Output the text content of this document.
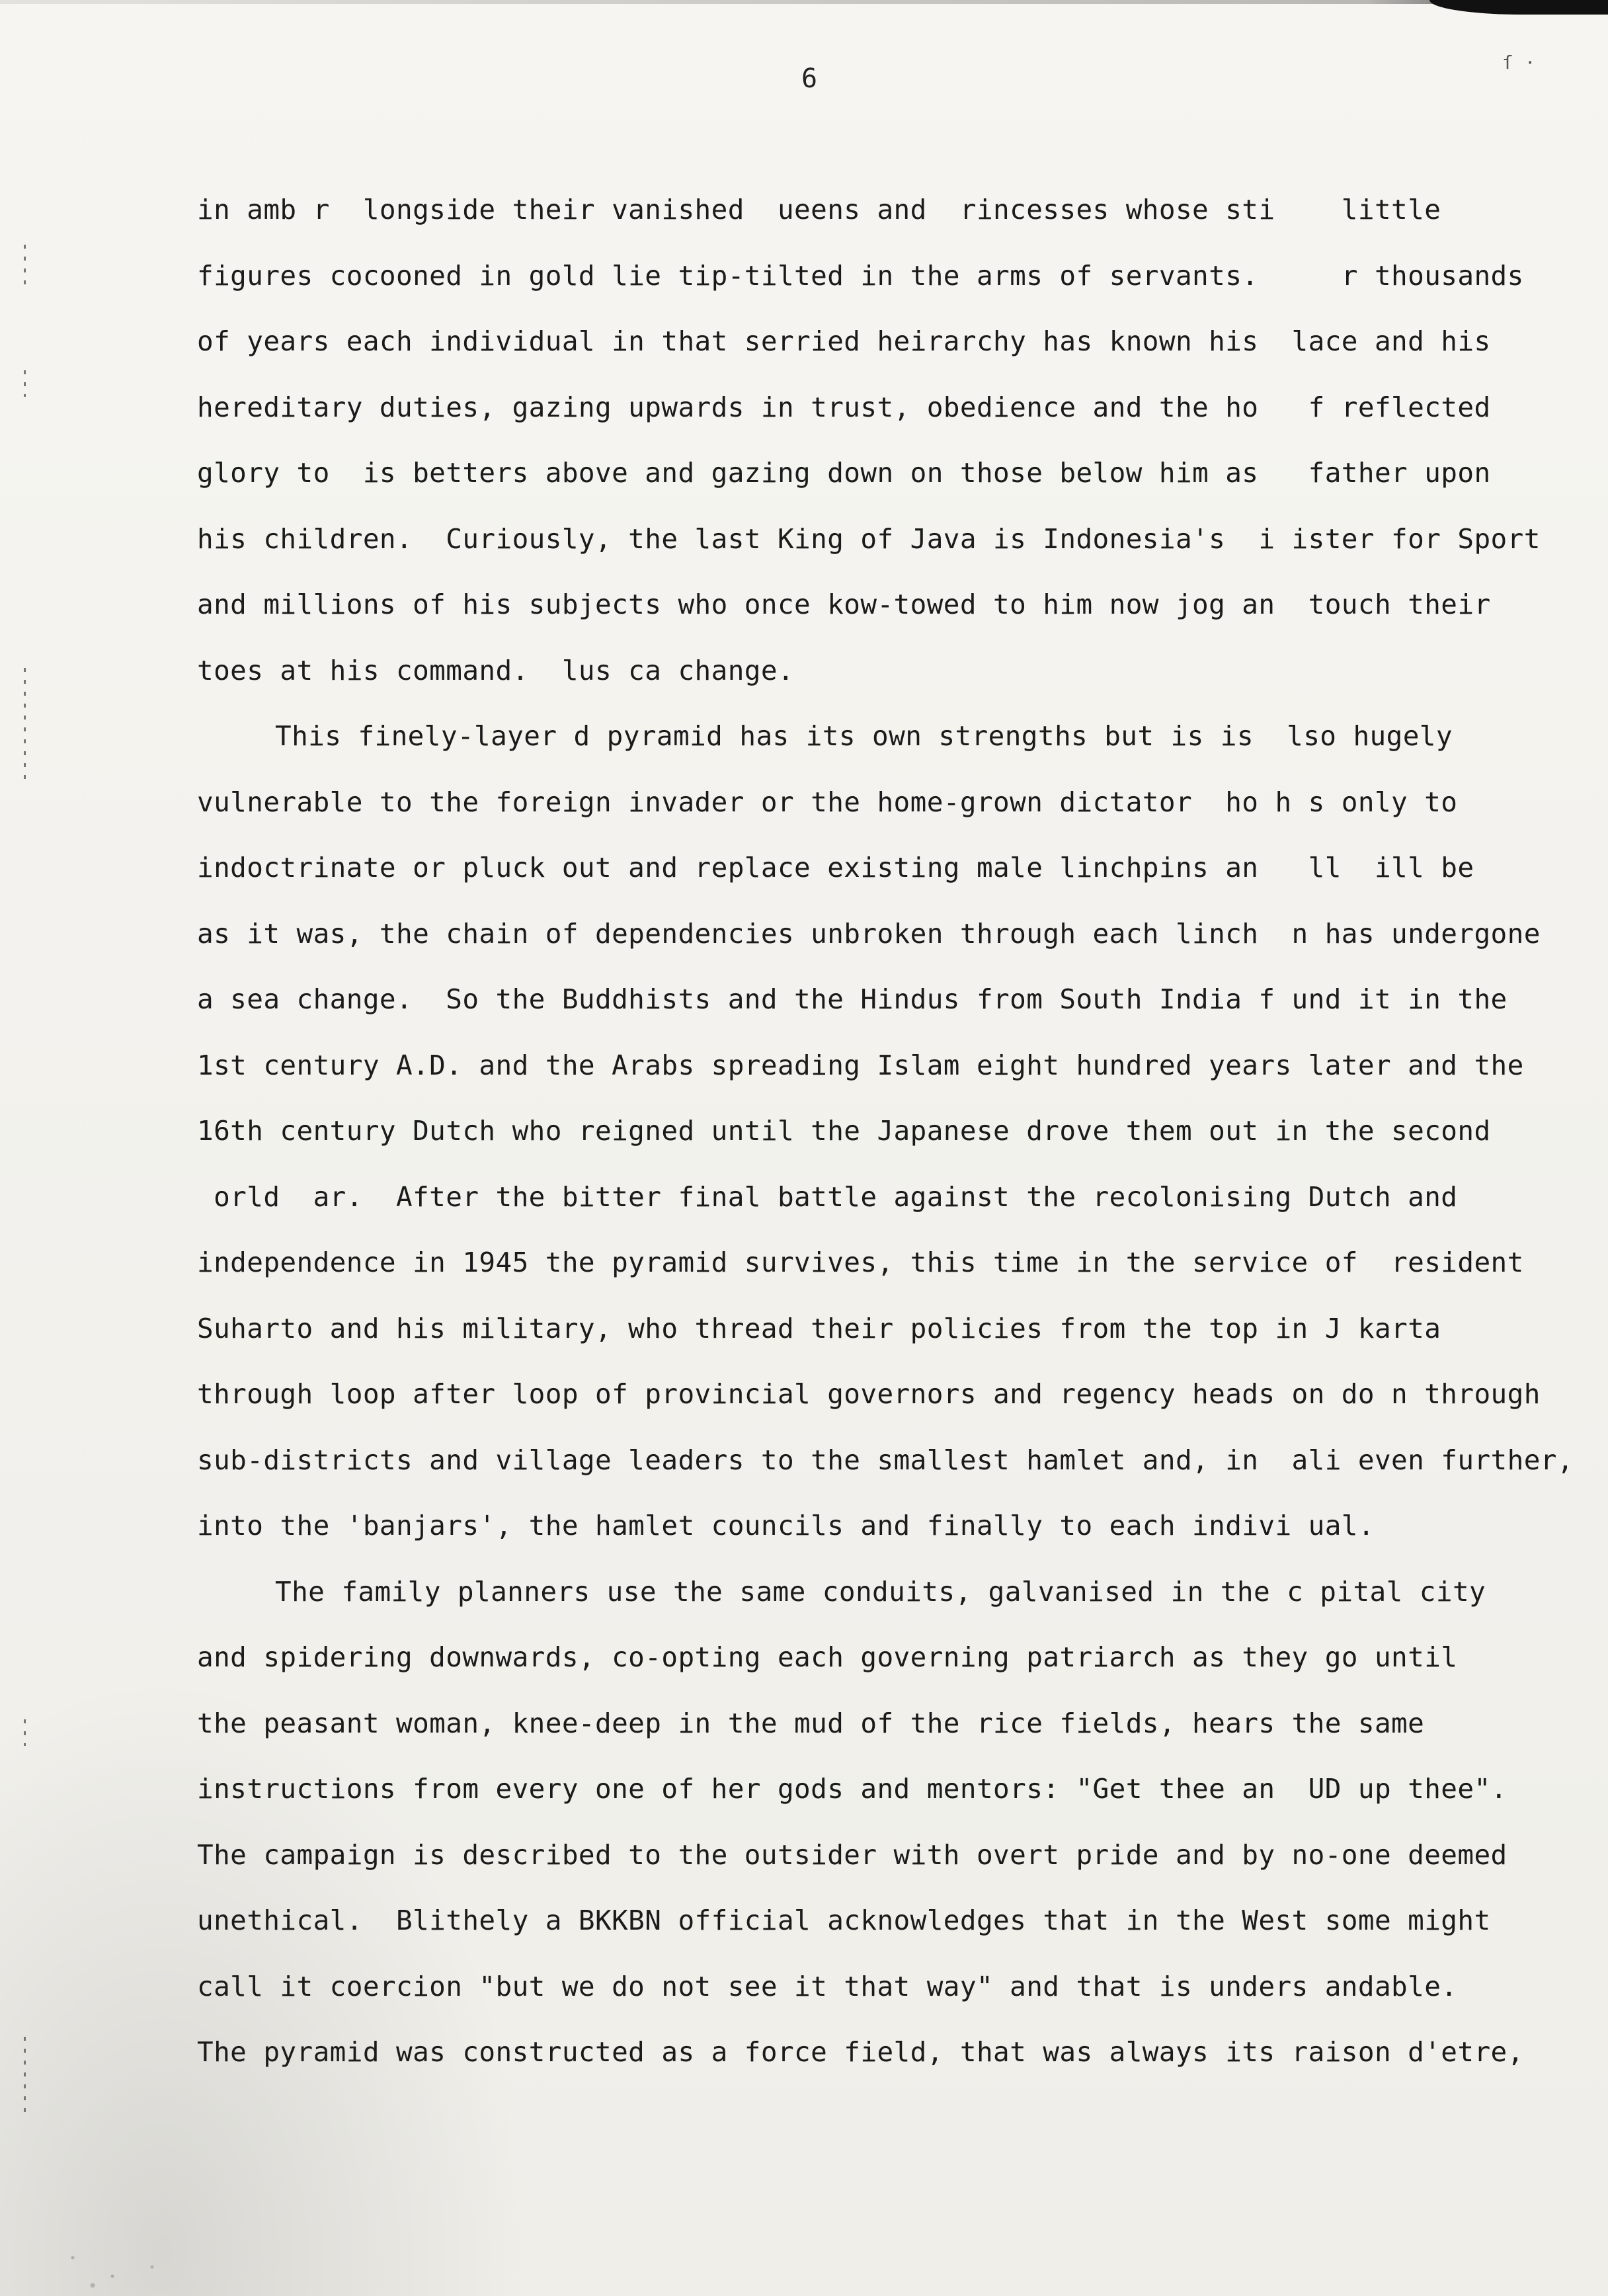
6
ſ ·
in amb r  longside their vanished  ueens and  rincesses whose sti    little
figures cocooned in gold lie tip-tilted in the arms of servants.     r thousands
of years each individual in that serried heirarchy has known his  lace and his
hereditary duties, gazing upwards in trust, obedience and the ho   f reflected
glory to  is betters above and gazing down on those below him as   father upon
his children.  Curiously, the last King of Java is Indonesia's  i ister for Sport
and millions of his subjects who once kow-towed to him now jog an  touch their
toes at his command.  lus ca change.
This finely-layer d pyramid has its own strengths but is is  lso hugely
vulnerable to the foreign invader or the home-grown dictator  ho h s only to
indoctrinate or pluck out and replace existing male linchpins an   ll  ill be
as it was, the chain of dependencies unbroken through each linch  n has undergone
a sea change.  So the Buddhists and the Hindus from South India f und it in the
1st century A.D. and the Arabs spreading Islam eight hundred years later and the
16th century Dutch who reigned until the Japanese drove them out in the second
orld  ar.  After the bitter final battle against the recolonising Dutch and
independence in 1945 the pyramid survives, this time in the service of  resident
Suharto and his military, who thread their policies from the top in J karta
through loop after loop of provincial governors and regency heads on do n through
sub-districts and village leaders to the smallest hamlet and, in  ali even further,
into the 'banjars', the hamlet councils and finally to each indivi ual.
The family planners use the same conduits, galvanised in the c pital city
and spidering downwards, co-opting each governing patriarch as they go until
the peasant woman, knee-deep in the mud of the rice fields, hears the same
instructions from every one of her gods and mentors: "Get thee an  UD up thee".
The campaign is described to the outsider with overt pride and by no-one deemed
unethical.  Blithely a BKKBN official acknowledges that in the West some might
call it coercion "but we do not see it that way" and that is unders andable.
The pyramid was constructed as a force field, that was always its raison d'etre,
